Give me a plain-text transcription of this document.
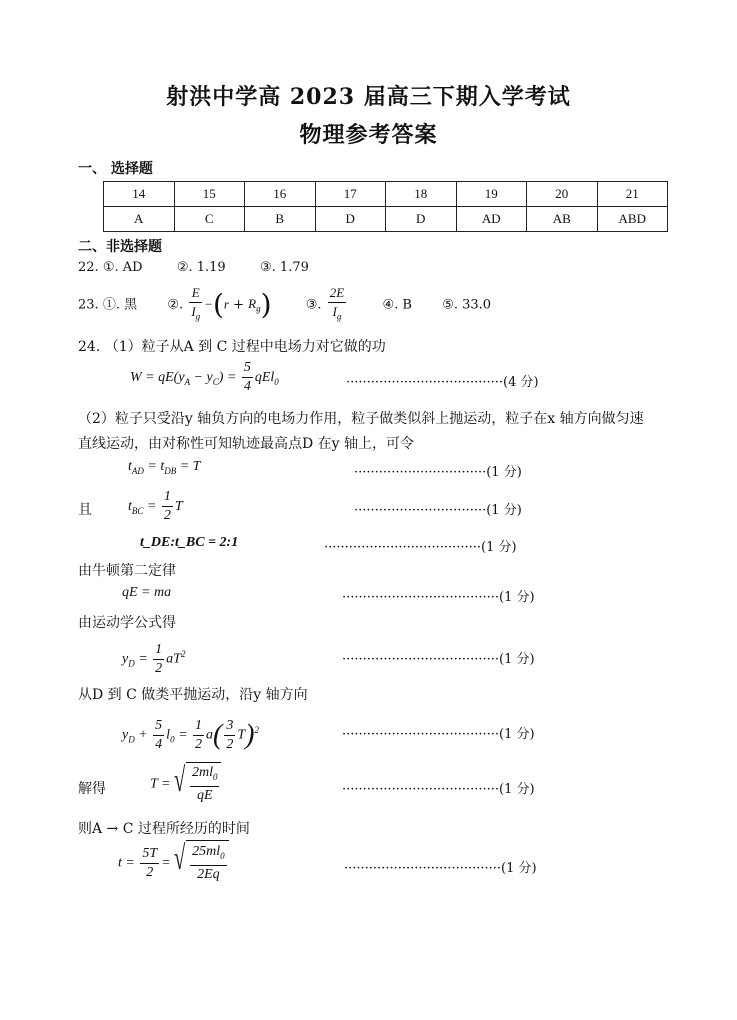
射洪中学高 2023 届高三下期入学考试
物理参考答案
一、 选择题
14	15	16	17	18	19	20	21
A	C	B	D	D	AD	AB	ABD
二、非选择题
22. ①. AD	②. 1.19	③. 1.79
23. ①. 黑 ②. $\frac{E}{I_g} -(r + R_g)$	③. $\frac{2E}{I_g}$	④. B ⑤. 33.0
24. （1）粒子从A 到 C 过程中电场力对它做的功
$W = qE(y_A - y_C) = \frac{5}{4} qEl_0$	······································(4 分)
（2）粒子只受沿y 轴负方向的电场力作用，粒子做类似斜上抛运动，粒子在x 轴方向做匀速
直线运动，由对称性可知轨迹最高点D 在y 轴上，可令
$t_{AD} = t_{DB} = T$	································(1 分)
且	$t_{BC} = \frac{1}{2}$ T	································(1 分)
t_DE:t_BC = 2:1	······································(1 分)
由牛顿第二定律
qE = ma	······································(1 分)
由运动学公式得
$y_D = \frac{1}{2} aT^2$	······································(1 分)
从D 到 C 做类平抛运动，沿y 轴方向
$y_D + \frac{5}{4} l_0 = \frac{1}{2} a( \frac{3}{2} T)^2$	······································(1 分)
解得	T = √ $\frac{2ml_0}{qE}$	······································(1 分)
则A → C 过程所经历的时间
$t = \frac{5T}{2}$ = √ $\frac{25ml_0}{2Eq}$	······································(1 分)
